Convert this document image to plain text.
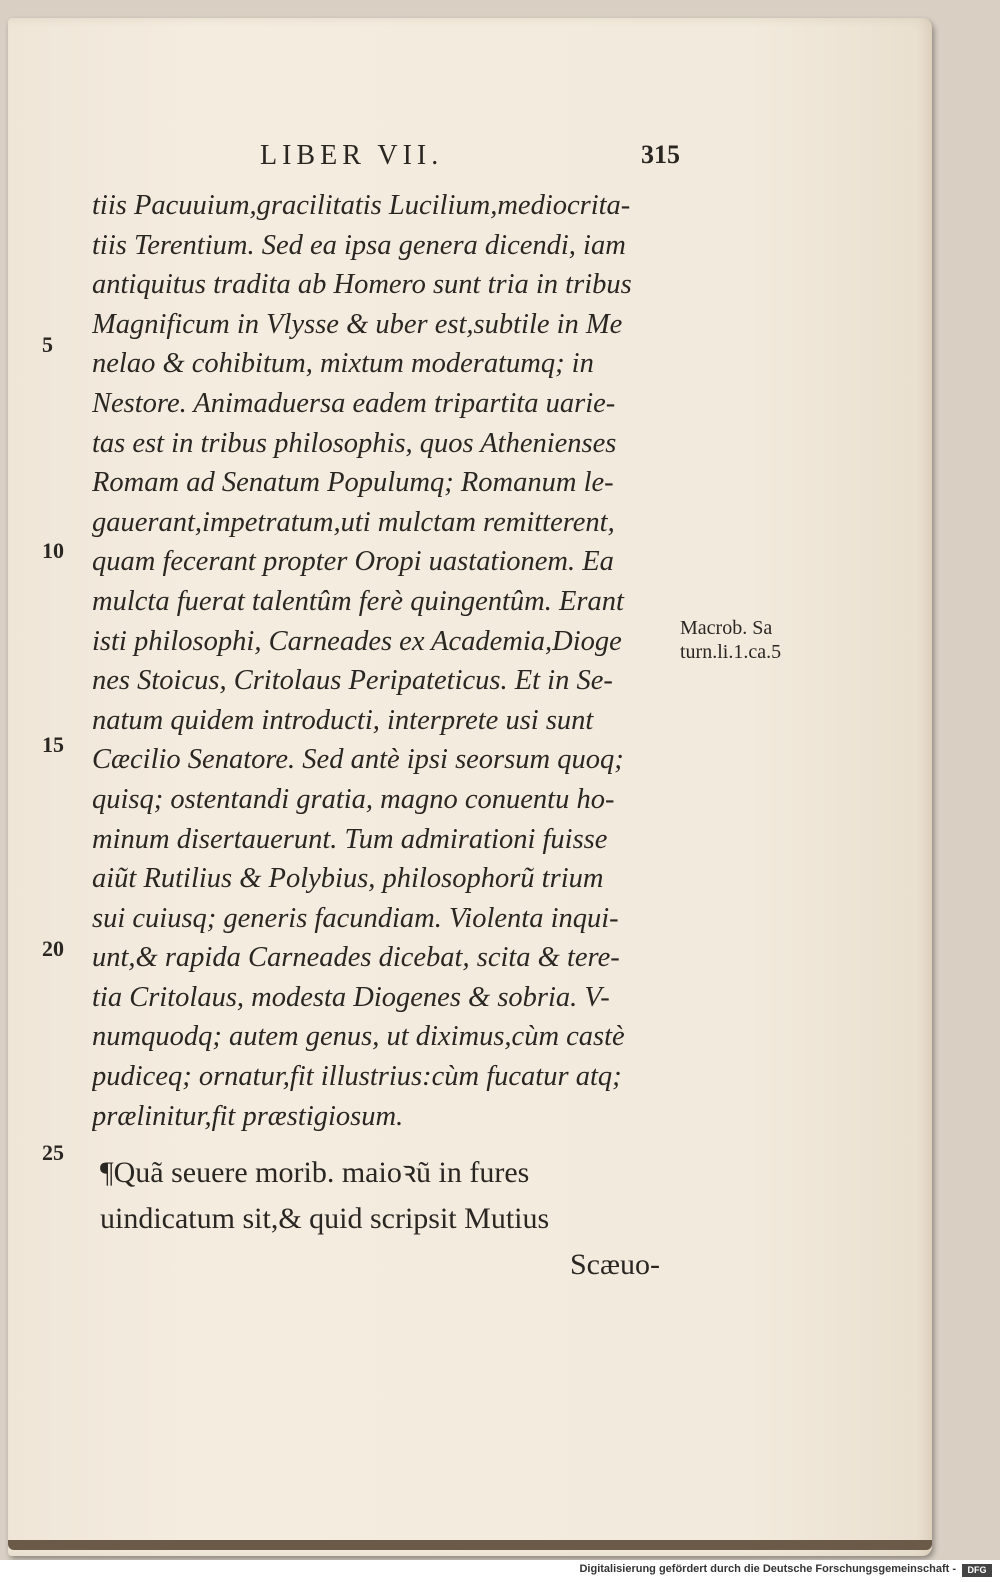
LIBER VII.	315
tiis Pacuuium,gracilitatis Lucilium,mediocrita-
tiis Terentium. Sed ea ipsa genera dicendi, iam
antiquitus tradita ab Homero sunt tria in tribus
Magnificum in Vlysse & uber est,subtile in Me
nelao & cohibitum, mixtum moderatumq; in
Nestore. Animaduersa eadem tripartita uarie-
tas est in tribus philosophis, quos Athenienses
Romam ad Senatum Populumq; Romanum le-
gauerant,impetratum,uti mulctam remitterent,
quam fecerant propter Oropi uastationem. Ea
mulcta fuerat talentûm ferè quingentûm. Erant
isti philosophi, Carneades ex Academia,Dioge
nes Stoicus, Critolaus Peripateticus. Et in Se-
natum quidem introducti, interprete usi sunt
Cæcilio Senatore. Sed antè ipsi seorsum quoq;
quisq; ostentandi gratia, magno conuentu ho-
minum disertauerunt. Tum admirationi fuisse
aiũt Rutilius & Polybius, philosophorũ trium
sui cuiusq; generis facundiam. Violenta inqui-
unt,& rapida Carneades dicebat, scita & tere-
tia Critolaus, modesta Diogenes & sobria. V-
numquodq; autem genus, ut diximus,cùm castè
pudiceq; ornatur,fit illustrius:cùm fucatur atq;
prælinitur,fit præstigiosum.
¶Quã seuere morib. maioꝛũ in fures
uindicatum sit,& quid scripsit Mutius
Scæuo-
5
10
15
20
25
Macrob. Sa
turn.li.1.ca.5
Digitalisierung gefördert durch die Deutsche Forschungsgemeinschaft -	DFG
